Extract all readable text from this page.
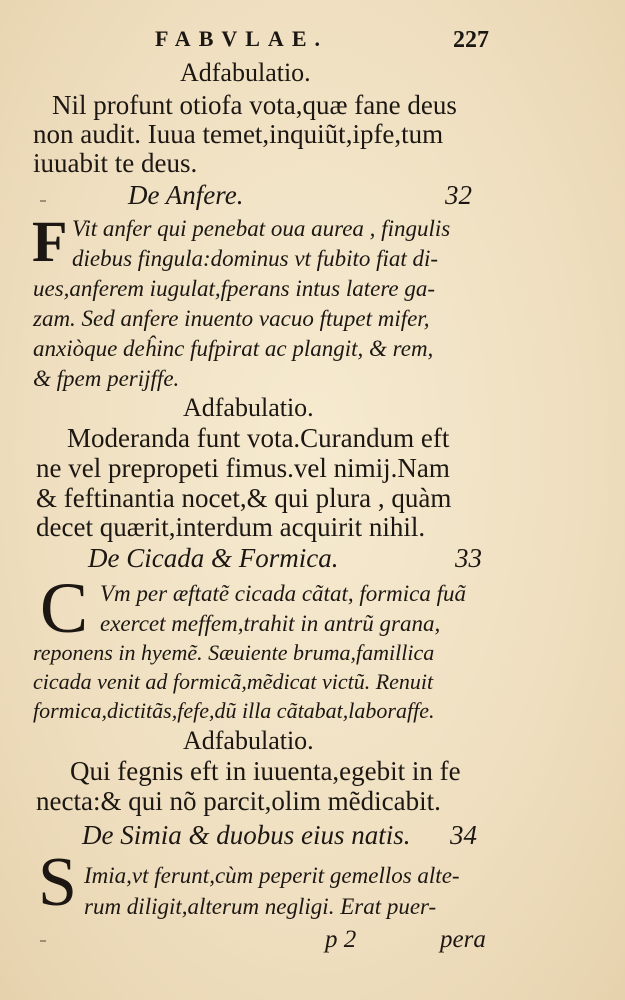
FABVLAE.	227
Adfabulatio.
Nil profunt otiofa vota,quæ fane deus
non audit. Iuua temet,inquiũt,ipfe,tum
iuuabit te deus.
De Anfere.	32
F Vit anfer qui penebat oua aurea , fingulis
diebus fingula:dominus vt fubito fiat di-
ues,anferem iugulat,fperans intus latere ga-
zam. Sed anfere inuento vacuo ftupet mifer,
anxiòque deĥinc fufpirat ac plangit, & rem,
& fpem perijffe.
Adfabulatio.
Moderanda funt vota.Curandum eft
ne vel prepropeti fimus.vel nimij.Nam
& feftinantia nocet,& qui plura , quàm
decet quærit,interdum acquirit nihil.
De Cicada & Formica.	33
C Vm per æftatẽ cicada cãtat, formica fuã
exercet meffem,trahit in antrũ grana,
reponens in hyemẽ. Sæuiente bruma,famillica
cicada venit ad formicã,mẽdicat victũ. Renuit
formica,dictitãs,fefe,dũ illa cãtabat,laboraffe.
Adfabulatio.
Qui fegnis eft in iuuenta,egebit in fe
necta:& qui nõ parcit,olim mẽdicabit.
De Simia & duobus eius natis. 34
S Imia,vt ferunt,cùm peperit gemellos alte-
rum diligit,alterum negligi. Erat puer-
p 2	pera
